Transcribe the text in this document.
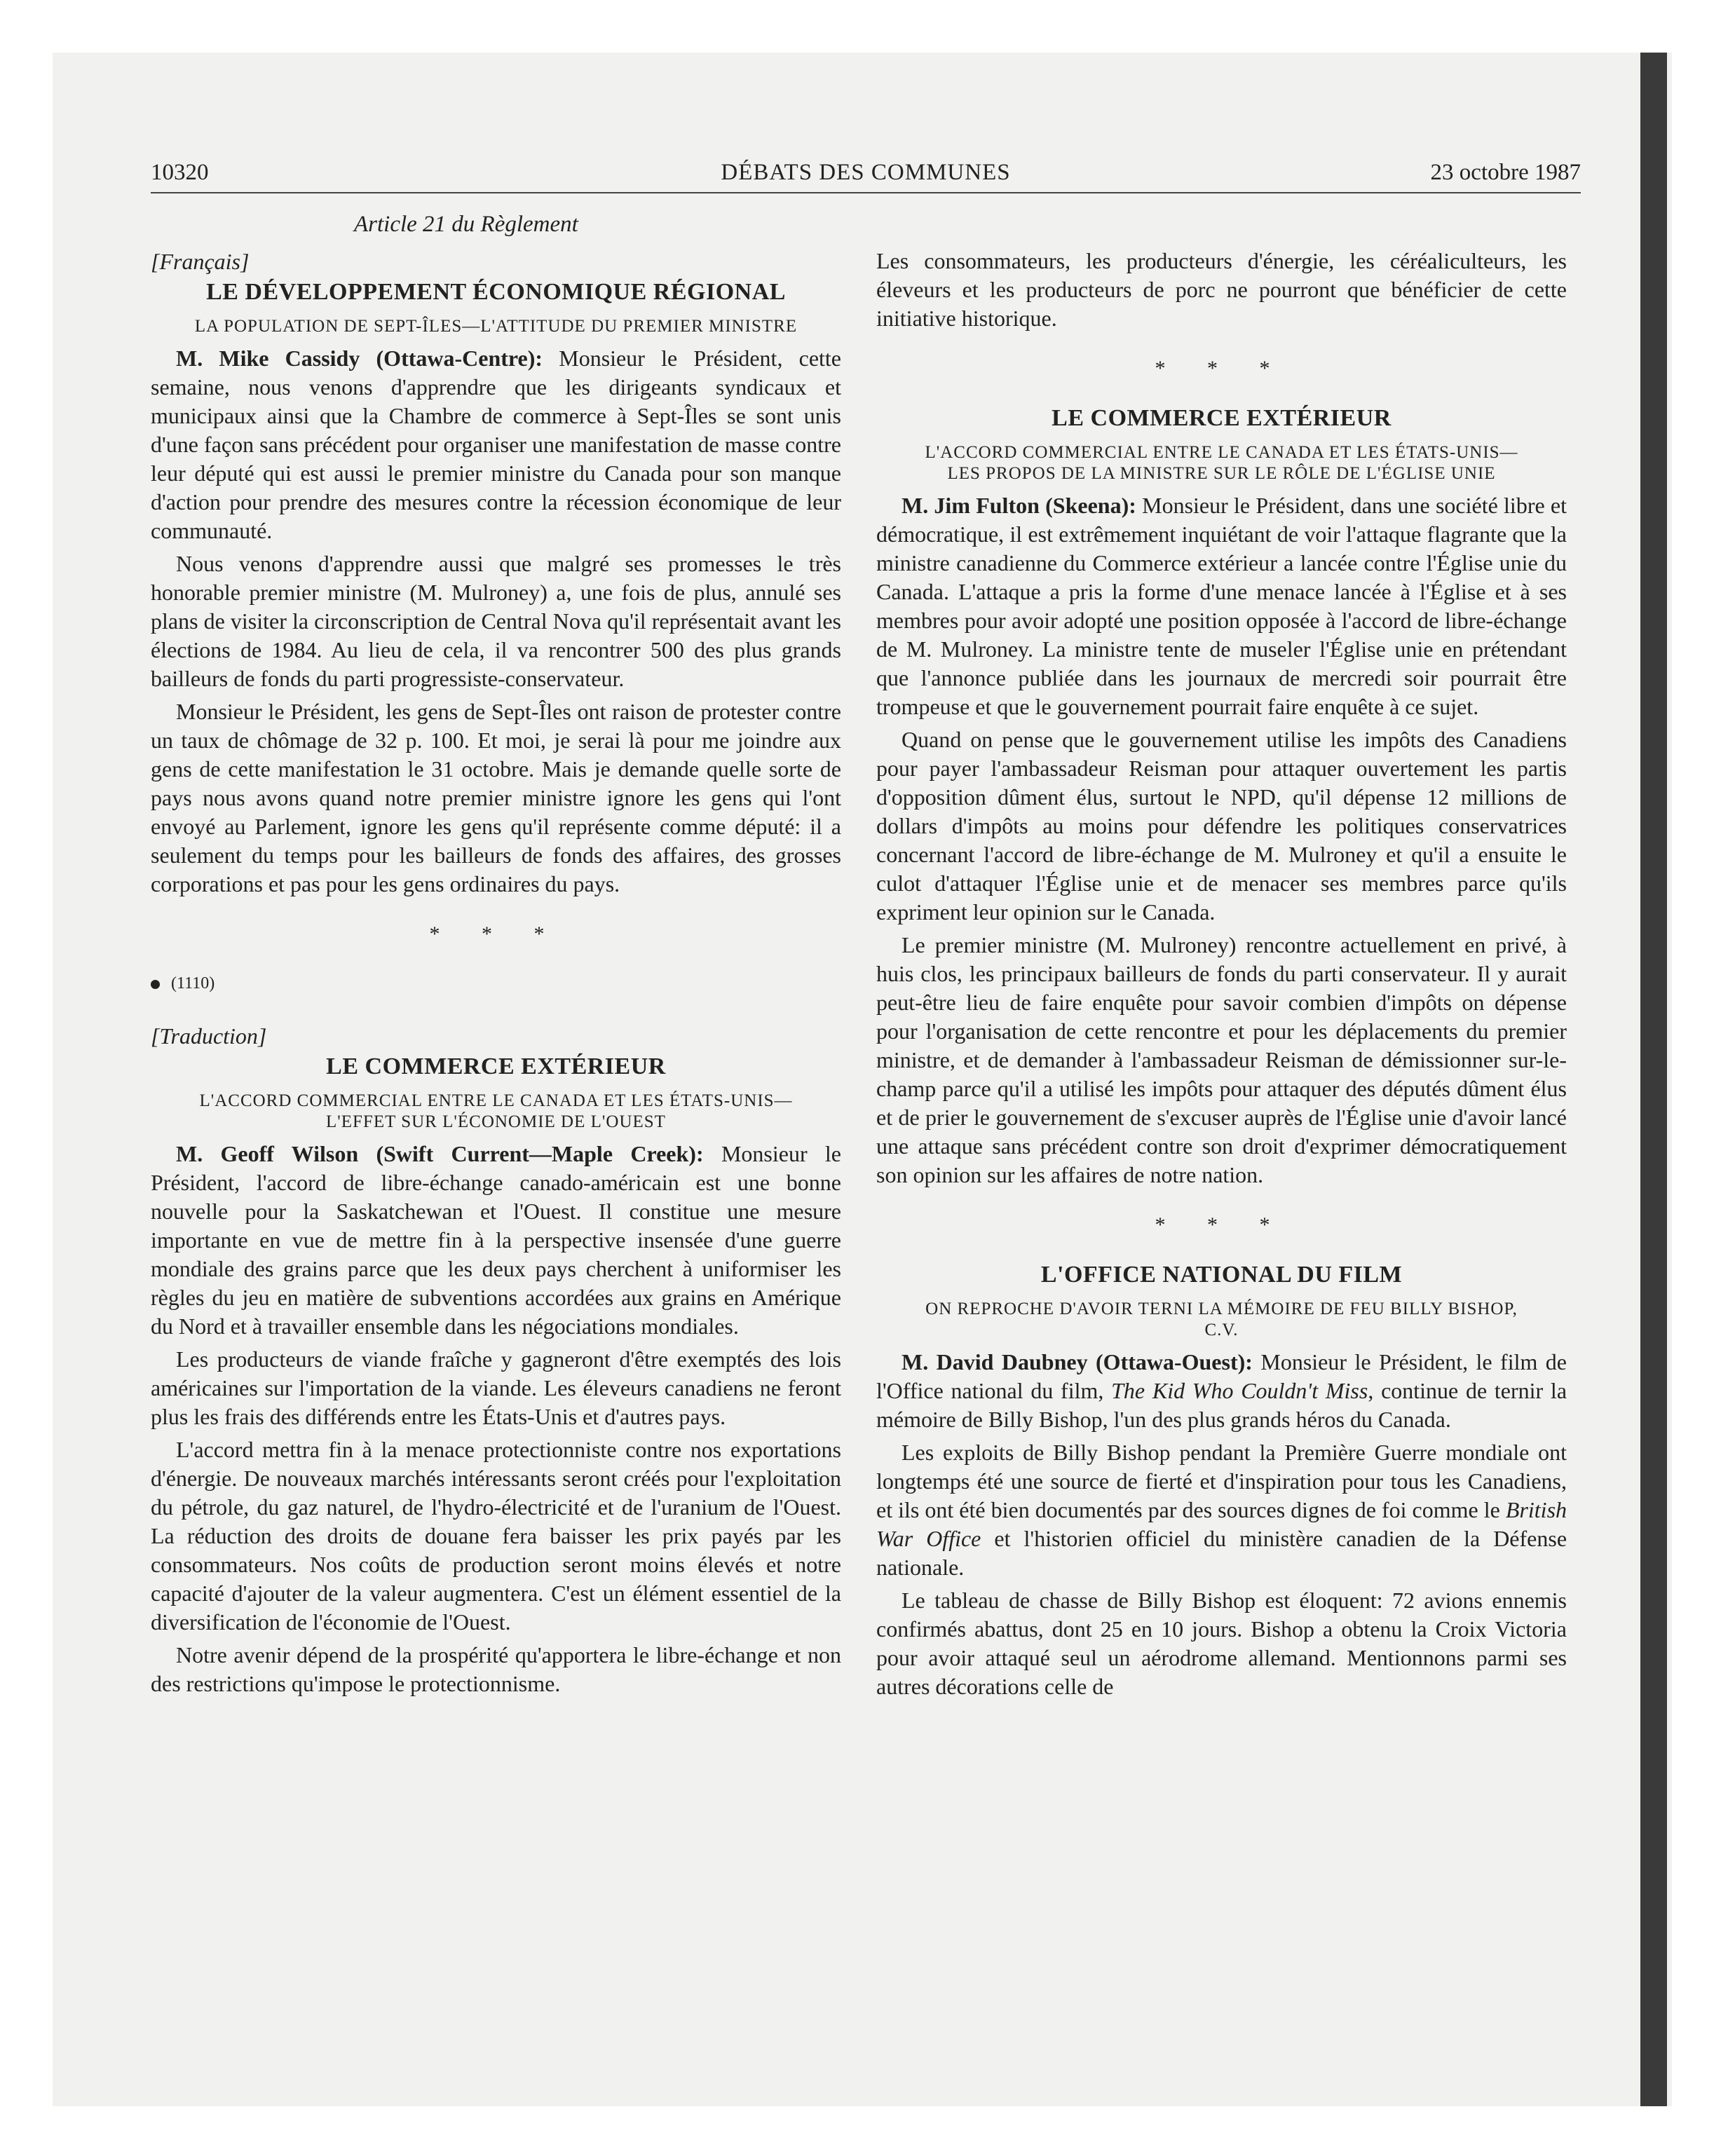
10320	DÉBATS DES COMMUNES	23 octobre 1987
Article 21 du Règlement
[Français]
LE DÉVELOPPEMENT ÉCONOMIQUE RÉGIONAL
LA POPULATION DE SEPT-ÎLES—L'ATTITUDE DU PREMIER MINISTRE

M. Mike Cassidy (Ottawa-Centre): Monsieur le Président, cette semaine, nous venons d'apprendre que les dirigeants syndicaux et municipaux ainsi que la Chambre de commerce à Sept-Îles se sont unis d'une façon sans précédent pour organiser une manifestation de masse contre leur député qui est aussi le premier ministre du Canada pour son manque d'action pour prendre des mesures contre la récession économique de leur communauté.

Nous venons d'apprendre aussi que malgré ses promesses le très honorable premier ministre (M. Mulroney) a, une fois de plus, annulé ses plans de visiter la circonscription de Central Nova qu'il représentait avant les élections de 1984. Au lieu de cela, il va rencontrer 500 des plus grands bailleurs de fonds du parti progressiste-conservateur.

Monsieur le Président, les gens de Sept-Îles ont raison de protester contre un taux de chômage de 32 p. 100. Et moi, je serai là pour me joindre aux gens de cette manifestation le 31 octobre. Mais je demande quelle sorte de pays nous avons quand notre premier ministre ignore les gens qui l'ont envoyé au Parlement, ignore les gens qu'il représente comme député: il a seulement du temps pour les bailleurs de fonds des affaires, des grosses corporations et pas pour les gens ordinaires du pays.

* * *
(1110)
[Traduction]
LE COMMERCE EXTÉRIEUR
L'ACCORD COMMERCIAL ENTRE LE CANADA ET LES ÉTATS-UNIS—L'EFFET SUR L'ÉCONOMIE DE L'OUEST

M. Geoff Wilson (Swift Current—Maple Creek): Monsieur le Président, l'accord de libre-échange canado-américain est une bonne nouvelle pour la Saskatchewan et l'Ouest. Il constitue une mesure importante en vue de mettre fin à la perspective insensée d'une guerre mondiale des grains parce que les deux pays cherchent à uniformiser les règles du jeu en matière de subventions accordées aux grains en Amérique du Nord et à travailler ensemble dans les négociations mondiales.

Les producteurs de viande fraîche y gagneront d'être exemptés des lois américaines sur l'importation de la viande. Les éleveurs canadiens ne feront plus les frais des différends entre les États-Unis et d'autres pays.

L'accord mettra fin à la menace protectionniste contre nos exportations d'énergie. De nouveaux marchés intéressants seront créés pour l'exploitation du pétrole, du gaz naturel, de l'hydro-électricité et de l'uranium de l'Ouest. La réduction des droits de douane fera baisser les prix payés par les consommateurs. Nos coûts de production seront moins élevés et notre capacité d'ajouter de la valeur augmentera. C'est un élément essentiel de la diversification de l'économie de l'Ouest.

Notre avenir dépend de la prospérité qu'apportera le libre-échange et non des restrictions qu'impose le protectionnisme.

Les consommateurs, les producteurs d'énergie, les céréaliculteurs, les éleveurs et les producteurs de porc ne pourront que bénéficier de cette initiative historique.

* * *
LE COMMERCE EXTÉRIEUR
L'ACCORD COMMERCIAL ENTRE LE CANADA ET LES ÉTATS-UNIS—LES PROPOS DE LA MINISTRE SUR LE RÔLE DE L'ÉGLISE UNIE

M. Jim Fulton (Skeena): Monsieur le Président, dans une société libre et démocratique, il est extrêmement inquiétant de voir l'attaque flagrante que la ministre canadienne du Commerce extérieur a lancée contre l'Église unie du Canada. L'attaque a pris la forme d'une menace lancée à l'Église et à ses membres pour avoir adopté une position opposée à l'accord de libre-échange de M. Mulroney. La ministre tente de museler l'Église unie en prétendant que l'annonce publiée dans les journaux de mercredi soir pourrait être trompeuse et que le gouvernement pourrait faire enquête à ce sujet.

Quand on pense que le gouvernement utilise les impôts des Canadiens pour payer l'ambassadeur Reisman pour attaquer ouvertement les partis d'opposition dûment élus, surtout le NPD, qu'il dépense 12 millions de dollars d'impôts au moins pour défendre les politiques conservatrices concernant l'accord de libre-échange de M. Mulroney et qu'il a ensuite le culot d'attaquer l'Église unie et de menacer ses membres parce qu'ils expriment leur opinion sur le Canada.

Le premier ministre (M. Mulroney) rencontre actuellement en privé, à huis clos, les principaux bailleurs de fonds du parti conservateur. Il y aurait peut-être lieu de faire enquête pour savoir combien d'impôts on dépense pour l'organisation de cette rencontre et pour les déplacements du premier ministre, et de demander à l'ambassadeur Reisman de démissionner sur-le-champ parce qu'il a utilisé les impôts pour attaquer des députés dûment élus et de prier le gouvernement de s'excuser auprès de l'Église unie d'avoir lancé une attaque sans précédent contre son droit d'exprimer démocratiquement son opinion sur les affaires de notre nation.

* * *
L'OFFICE NATIONAL DU FILM
ON REPROCHE D'AVOIR TERNI LA MÉMOIRE DE FEU BILLY BISHOP, C.V.

M. David Daubney (Ottawa-Ouest): Monsieur le Président, le film de l'Office national du film, The Kid Who Couldn't Miss, continue de ternir la mémoire de Billy Bishop, l'un des plus grands héros du Canada.

Les exploits de Billy Bishop pendant la Première Guerre mondiale ont longtemps été une source de fierté et d'inspiration pour tous les Canadiens, et ils ont été bien documentés par des sources dignes de foi comme le British War Office et l'historien officiel du ministère canadien de la Défense nationale.

Le tableau de chasse de Billy Bishop est éloquent: 72 avions ennemis confirmés abattus, dont 25 en 10 jours. Bishop a obtenu la Croix Victoria pour avoir attaqué seul un aérodrome allemand. Mentionnons parmi ses autres décorations celle de
